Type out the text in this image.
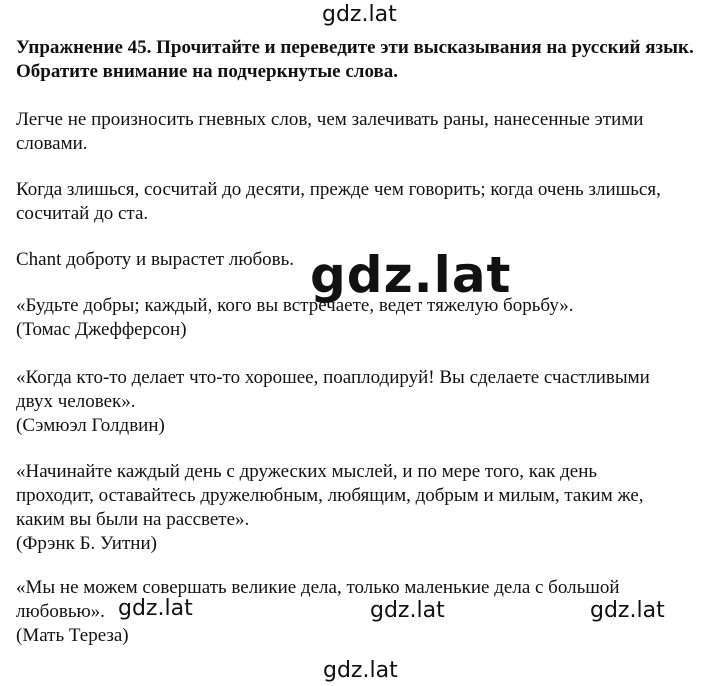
gdz.lat
Упражнение 45. Прочитайте и переведите эти высказывания на русский язык. Обратите внимание на подчеркнутые слова.
Легче не произносить гневных слов, чем залечивать раны, нанесенные этими
словами.
Когда злишься, сосчитай до десяти, прежде чем говорить; когда очень злишься,
сосчитай до ста.
Chant доброту и вырастет любовь.
«Будьте добры; каждый, кого вы встречаете, ведет тяжелую борьбу».
(Томас Джефферсон)
«Когда кто-то делает что-то хорошее, поаплодируй! Вы сделаете счастливыми
двух человек».
(Сэмюэл Голдвин)
«Начинайте каждый день с дружеских мыслей, и по мере того, как день
проходит, оставайтесь дружелюбным, любящим, добрым и милым, таким же,
каким вы были на рассвете».
(Фрэнк Б. Уитни)
«Мы не можем совершать великие дела, только маленькие дела с большой
любовью».
(Мать Тереза)
gdz.lat
gdz.lat	gdz.lat	gdz.lat
gdz.lat
